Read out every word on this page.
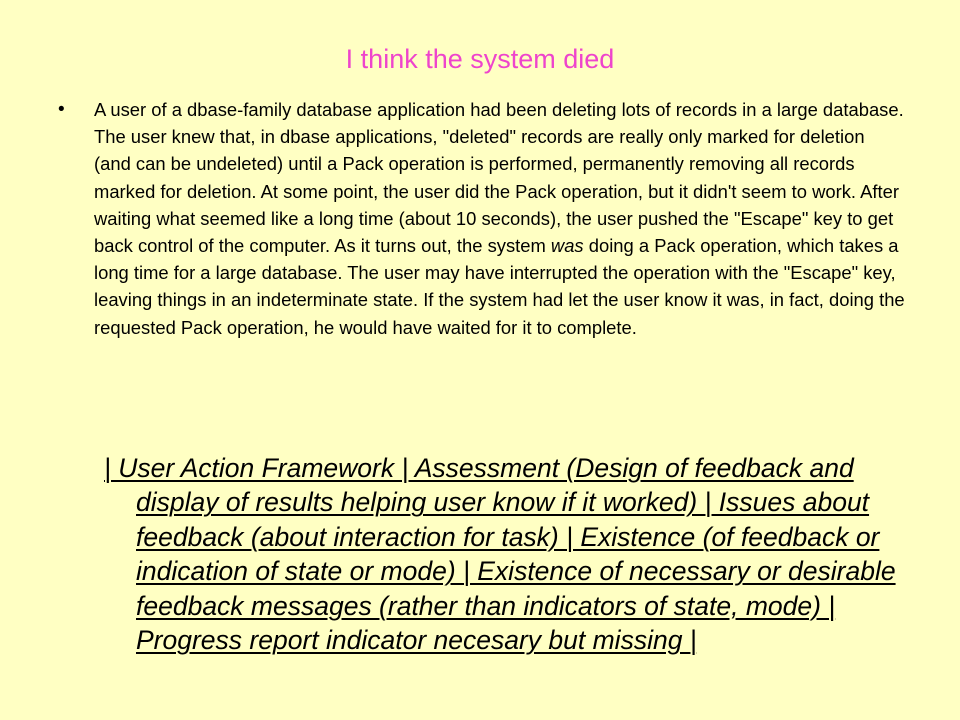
I think the system died
• A user of a dbase-family database application had been deleting lots of records in a large database. The user knew that, in dbase applications, "deleted" records are really only marked for deletion (and can be undeleted) until a Pack operation is performed, permanently removing all records marked for deletion. At some point, the user did the Pack operation, but it didn't seem to work. After waiting what seemed like a long time (about 10 seconds), the user pushed the "Escape" key to get back control of the computer. As it turns out, the system was doing a Pack operation, which takes a long time for a large database. The user may have interrupted the operation with the "Escape" key, leaving things in an indeterminate state. If the system had let the user know it was, in fact, doing the requested Pack operation, he would have waited for it to complete.

| User Action Framework | Assessment (Design of feedback and display of results helping user know if it worked) | Issues about feedback (about interaction for task) | Existence (of feedback or indication of state or mode) | Existence of necessary or desirable feedback messages (rather than indicators of state, mode) | Progress report indicator necesary but missing |
